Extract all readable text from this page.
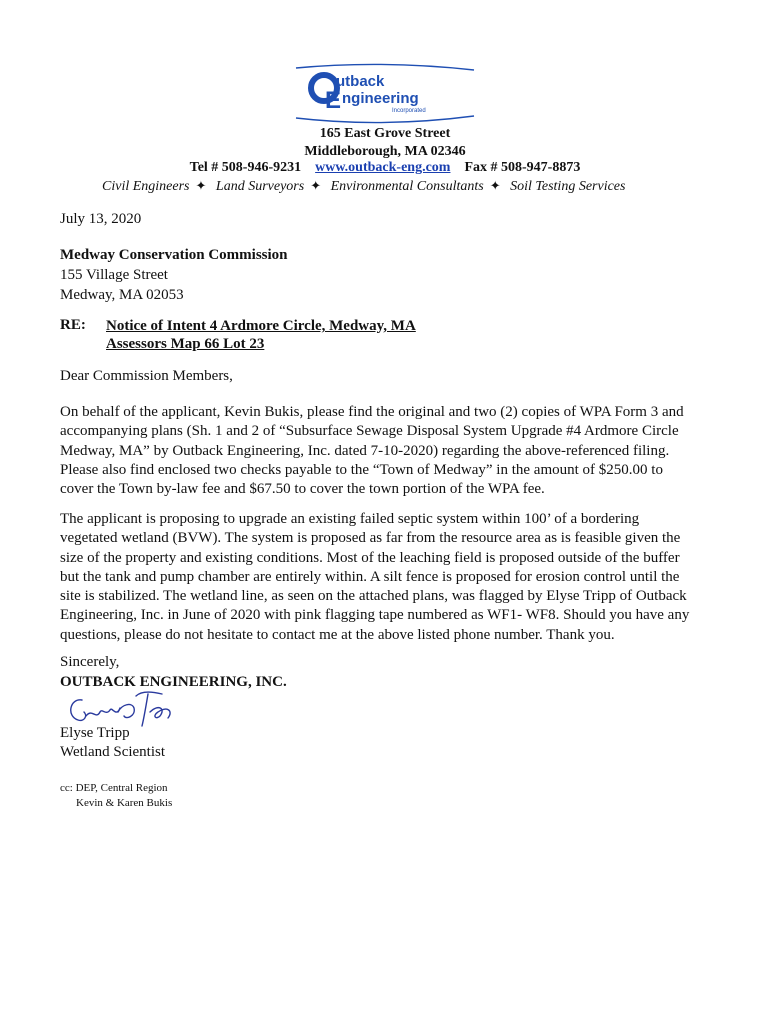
utback
E ngineering
Incorporated
165 East Grove Street
Middleborough, MA 02346
Tel # 508-946-9231 www.outback-eng.com Fax # 508-947-8873
Civil Engineers ✦ Land Surveyors ✦ Environmental Consultants ✦ Soil Testing Services
July 13, 2020
Medway Conservation Commission
155 Village Street
Medway, MA 02053
RE: Notice of Intent 4 Ardmore Circle, Medway, MA
Assessors Map 66 Lot 23
Dear Commission Members,
On behalf of the applicant, Kevin Bukis, please find the original and two (2) copies of WPA Form 3 and
accompanying plans (Sh. 1 and 2 of “Subsurface Sewage Disposal System Upgrade #4 Ardmore Circle
Medway, MA” by Outback Engineering, Inc. dated 7-10-2020) regarding the above-referenced filing.
Please also find enclosed two checks payable to the “Town of Medway” in the amount of $250.00 to
cover the Town by-law fee and $67.50 to cover the town portion of the WPA fee.
The applicant is proposing to upgrade an existing failed septic system within 100’ of a bordering
vegetated wetland (BVW). The system is proposed as far from the resource area as is feasible given the
size of the property and existing conditions. Most of the leaching field is proposed outside of the buffer
but the tank and pump chamber are entirely within. A silt fence is proposed for erosion control until the
site is stabilized. The wetland line, as seen on the attached plans, was flagged by Elyse Tripp of Outback
Engineering, Inc. in June of 2020 with pink flagging tape numbered as WF1- WF8. Should you have any
questions, please do not hesitate to contact me at the above listed phone number. Thank you.
Sincerely,
OUTBACK ENGINEERING, INC.
Elyse Tripp
Wetland Scientist
cc: DEP, Central Region
Kevin & Karen Bukis
